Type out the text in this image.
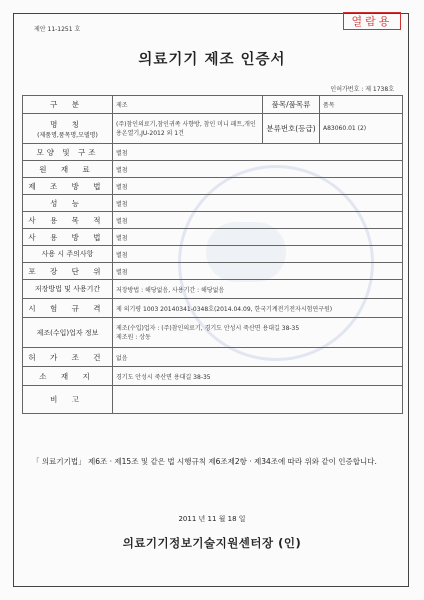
제안 11-1251 호
열람용
의료기기 제조 인증서
인허가번호 : 제 1738호
구 분	제조	품목/품목류	품목

명 칭
(제품명,품목명,모델명)	(주)참인의료기,참인귀족 사향방, 참인 미니 패트,개인용온열기,JU-2012 외 1건	분류번호(등급)	A83060.01 (2)
모양 및 구조	별첨		
원 재 료	별첨		
제 조 방 법	별첨		
성 능	별첨		
사 용 목 적	별첨		
사 용 방 법	별첨		
사용 시 주의사항	별첨		
포 장 단 위	별첨		
저장방법 및 사용기간	저장방법 : 해당없음, 사용기간 : 해당없음		
시 험 규 격	제 의기평 1003 20140341-0348호(2014.04.09, 한국기계전기전자시험연구원)		
제조(수입)업자 정보	제조(수입)업자 : (주)참인의료기, 경기도 안성시 죽산면 용대길 38-35
제조원 : 상동		

허 가 조 건	없음		
소 재 지	경기도 안성시 죽산면 용대길 38-35		
비 고			
「 의료기기법」 제6조 · 제15조 및 같은 법 시행규칙 제6조제2항 · 제34조에 따라 위와 같이 인증합니다.
2011 년 11 월 18 일
의료기기정보기술지원센터장 (인)
